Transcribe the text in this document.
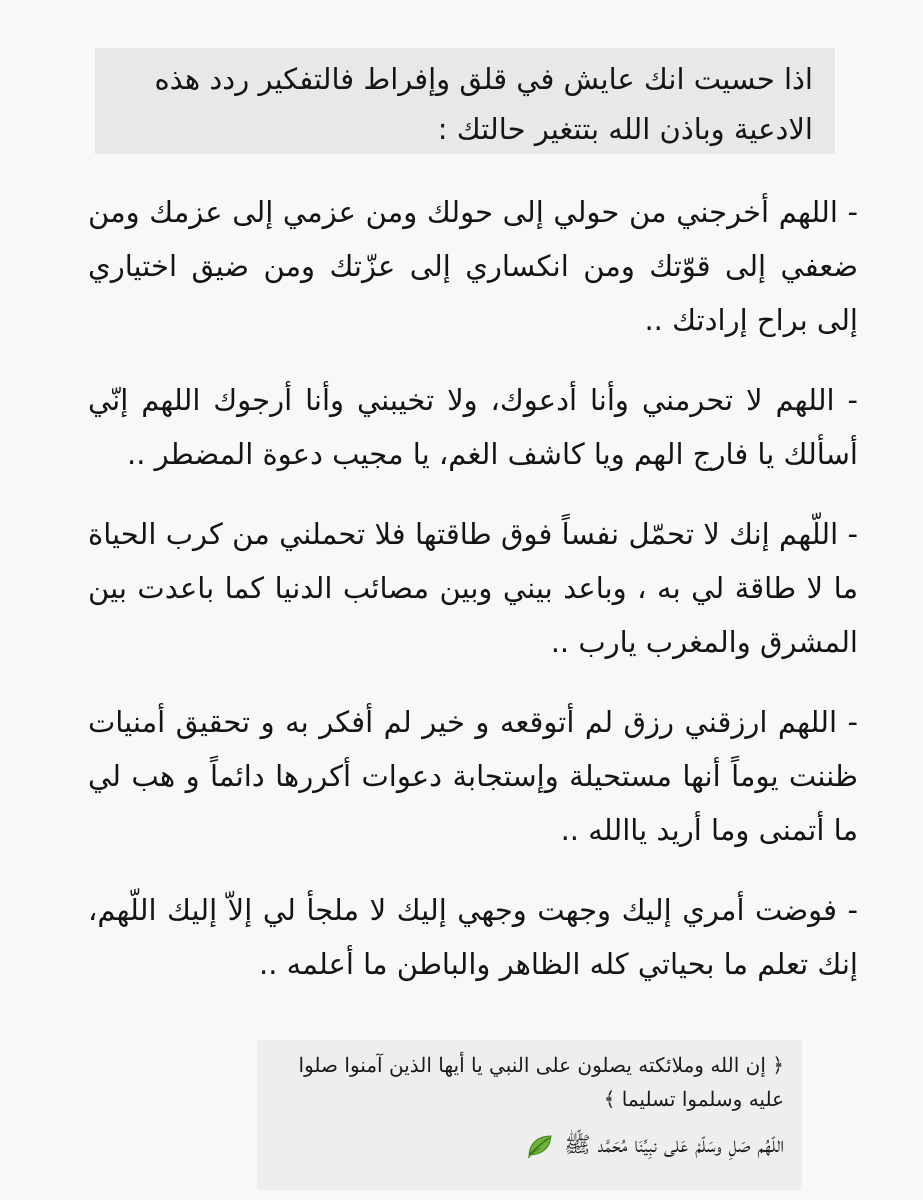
اذا حسيت انك عايش في قلق وإفراط فالتفكير ردد هذه
الادعية وباذن الله بتتغير حالتك :

- اللهم أخرجني من حولي إلى حولك ومن عزمي إلى عزمك ومن ضعفي إلى قوّتك ومن انكساري إلى عزّتك ومن ضيق اختياري إلى براح إرادتك ..

- اللهم لا تحرمني وأنا أدعوك، ولا تخيبني وأنا أرجوك اللهم إنّي أسألك يا فارج الهم ويا كاشف الغم، يا مجيب دعوة المضطر ..

- اللّهم إنك لا تحمّل نفساً فوق طاقتها فلا تحملني من كرب الحياة ما لا طاقة لي به ، وباعد بيني وبين مصائب الدنيا كما باعدت بين المشرق والمغرب يارب ..

- اللهم ارزقني رزق لم أتوقعه و خير لم أفكر به و تحقيق أمنيات ظننت يوماً أنها مستحيلة وإستجابة دعوات أكررها دائماً و هب لي ما أتمنى وما أريد ياالله ..

- فوضت أمري إليك وجهت وجهي إليك لا ملجأ لي إلاّ إليك اللّهم، إنك تعلم ما بحياتي كله الظاهر والباطن ما أعلمه ..

﴿ إن الله وملائكته يصلون على النبي يا أيها الذين آمنوا صلوا
عليه وسلموا تسليما ﴾
اللّهُم صَلِ وسَلّمْ عَلى نبِيِّنَا مُحَمَّد ﷺ
